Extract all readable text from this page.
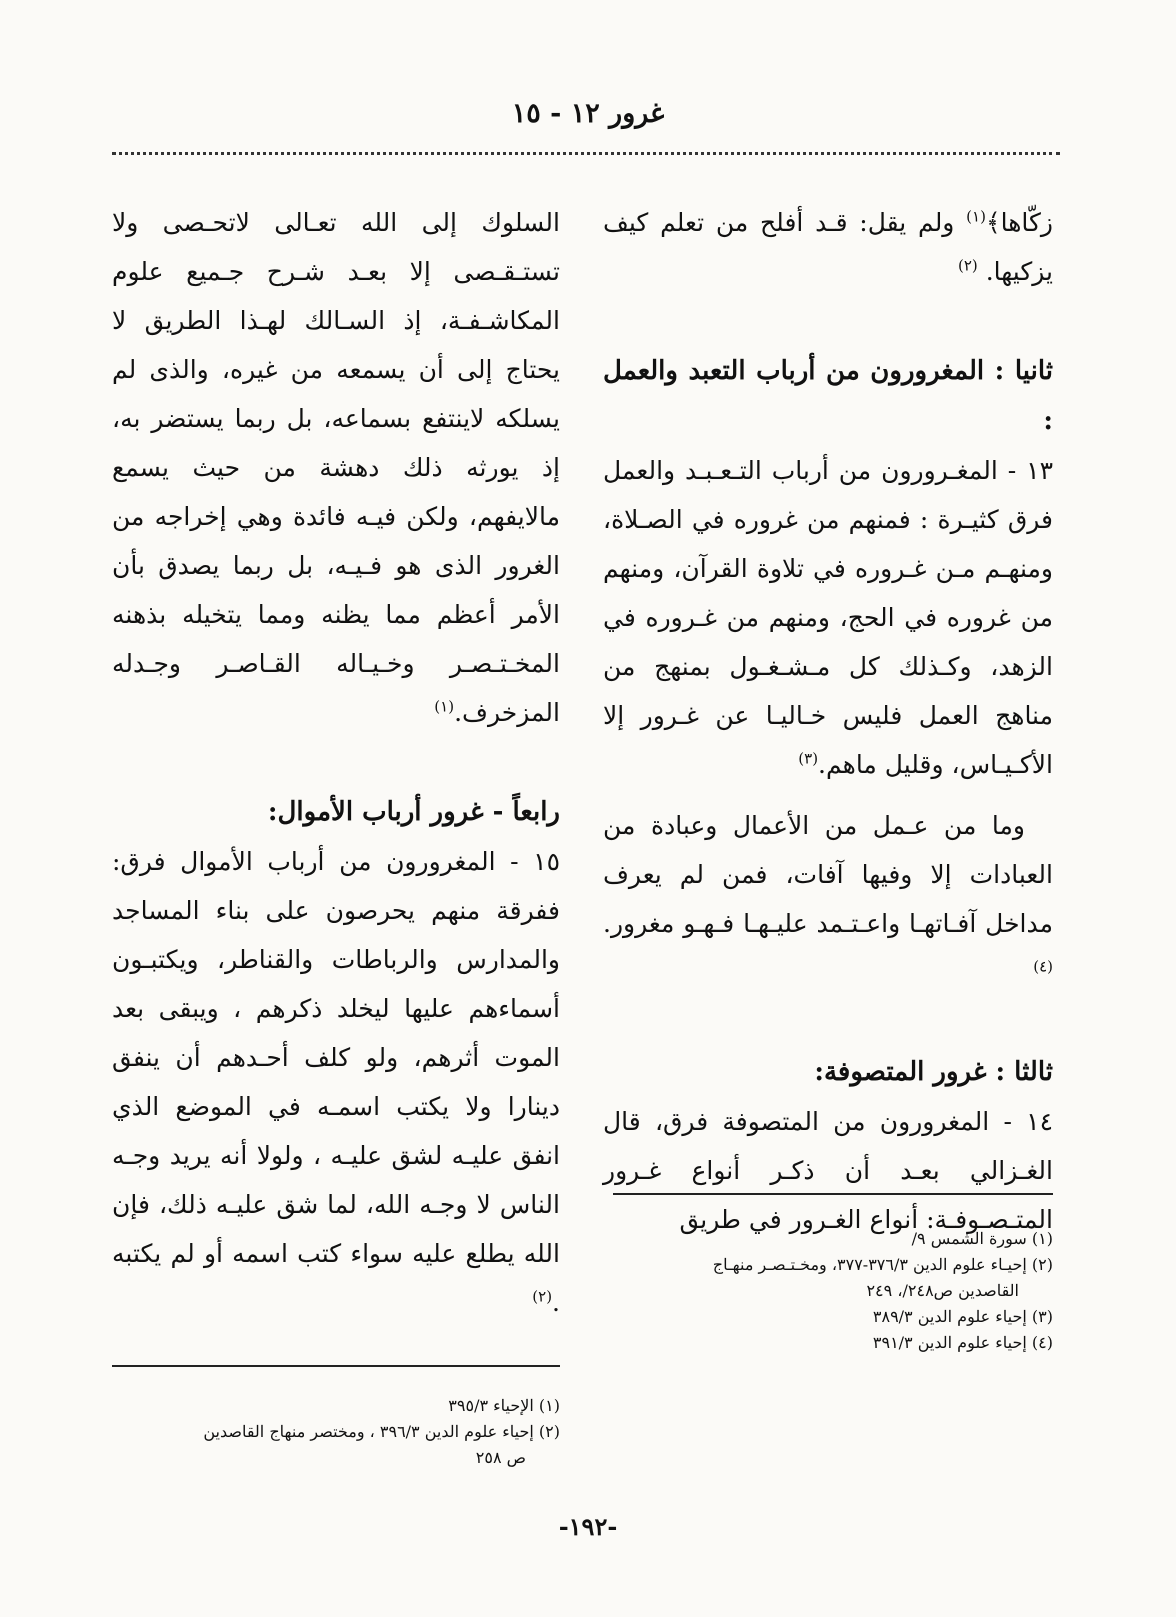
غرور ١٢ - ١٥

زكّاها﴾$^{(١)}$ ولم يقل: قـد أفلح من تعلم كيف يزكيها. $^{(٢)}$

ثانيا : المغرورون من أرباب التعبد والعمل :

١٣ - المغـرورون من أرباب التـعـبـد والعمل فرق كثيـرة : فمنهم من غروره في الصـلاة، ومنهـم مـن غـروره في تلاوة القرآن، ومنهم من غروره في الحج، ومنهم من غـروره في الزهد، وكـذلك كل مـشـغـول بمنهج من مناهج العمل فليس خـاليـا عن غـرور إلا الأكـيـاس، وقليل ماهم.$^{(٣)}$

وما من عـمل من الأعمال وعبادة من العبادات إلا وفيها آفات، فمن لم يعرف مداخل آفـاتهـا واعـتـمد عليـهـا فـهـو مغرور.$^{(٤)}$

ثالثا : غرور المتصوفة:

١٤ - المغرورون من المتصوفة فرق، قال الغـزالي بعـد أن ذكـر أنواع غـرور المتـصـوفـة: أنواع الغـرور في طريق

السلوك إلى الله تعـالى لاتحـصى ولا تستـقـصى إلا بعـد شـرح جـميع علوم المكاشـفـة، إذ السـالك لهـذا الطريق لا يحتاج إلى أن يسمعه من غيره، والذى لم يسلكه لاينتفع بسماعه، بل ربما يستضر به، إذ يورثه ذلك دهشة من حيث يسمع مالايفهم، ولكن فيـه فائدة وهي إخراجه من الغرور الذى هو فـيـه، بل ربما يصدق بأن الأمر أعظم مما يظنه ومما يتخيله بذهنه المخـتـصـر وخـيـاله القـاصـر وجـدله المزخرف.$^{(١)}$

رابعاً - غرور أرباب الأموال:

١٥ - المغرورون من أرباب الأموال فرق: ففرقة منهم يحرصون على بناء المساجد والمدارس والرباطات والقناطر، ويكتبـون أسماءهم عليها ليخلد ذكرهم ، ويبقى بعد الموت أثرهم، ولو كلف أحـدهم أن ينفق دينارا ولا يكتب اسمـه في الموضع الذي انفق عليـه لشق عليـه ، ولولا أنه يريد وجـه الناس لا وجـه الله، لما شق عليـه ذلك، فإن الله يطلع عليه سواء كتب اسمه أو لم يكتبه .$^{(٢)}$

(١) سورة الشمس ٩/
(٢) إحيـاء علوم الدين ٣٧٦/٣-٣٧٧، ومخـتـصـر منهـاج
القاصدين ص٢٤٨/، ٢٤٩
(٣) إحياء علوم الدين ٣٨٩/٣
(٤) إحياء علوم الدين ٣٩١/٣
(١) الإحياء ٣٩٥/٣
(٢) إحياء علوم الدين ٣٩٦/٣ ، ومختصر منهاج القاصدين
ص ٢٥٨
-١٩٢-
